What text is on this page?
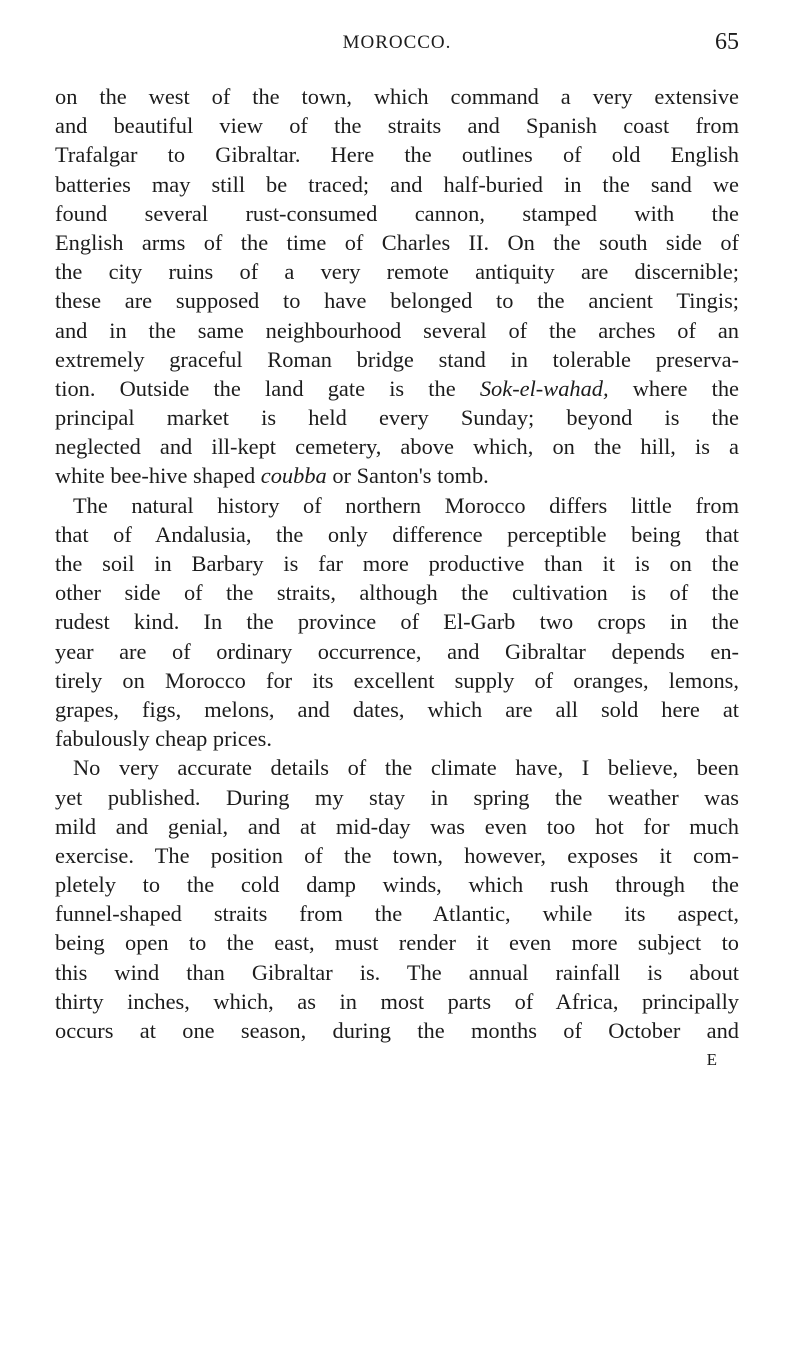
MOROCCO.	65
on the west of the town, which command a very extensive
and beautiful view of the straits and Spanish coast from
Trafalgar to Gibraltar. Here the outlines of old English
batteries may still be traced; and half-buried in the sand we
found several rust-consumed cannon, stamped with the
English arms of the time of Charles II. On the south side of
the city ruins of a very remote antiquity are discernible;
these are supposed to have belonged to the ancient Tingis;
and in the same neighbourhood several of the arches of an
extremely graceful Roman bridge stand in tolerable preserva-
tion. Outside the land gate is the Sok-el-wahad, where the
principal market is held every Sunday; beyond is the
neglected and ill-kept cemetery, above which, on the hill, is a
white bee-hive shaped coubba or Santon's tomb.
The natural history of northern Morocco differs little from
that of Andalusia, the only difference perceptible being that
the soil in Barbary is far more productive than it is on the
other side of the straits, although the cultivation is of the
rudest kind. In the province of El-Garb two crops in the
year are of ordinary occurrence, and Gibraltar depends en-
tirely on Morocco for its excellent supply of oranges, lemons,
grapes, figs, melons, and dates, which are all sold here at
fabulously cheap prices.
No very accurate details of the climate have, I believe, been
yet published. During my stay in spring the weather was
mild and genial, and at mid-day was even too hot for much
exercise. The position of the town, however, exposes it com-
pletely to the cold damp winds, which rush through the
funnel-shaped straits from the Atlantic, while its aspect,
being open to the east, must render it even more subject to
this wind than Gibraltar is. The annual rainfall is about
thirty inches, which, as in most parts of Africa, principally
occurs at one season, during the months of October and
E
